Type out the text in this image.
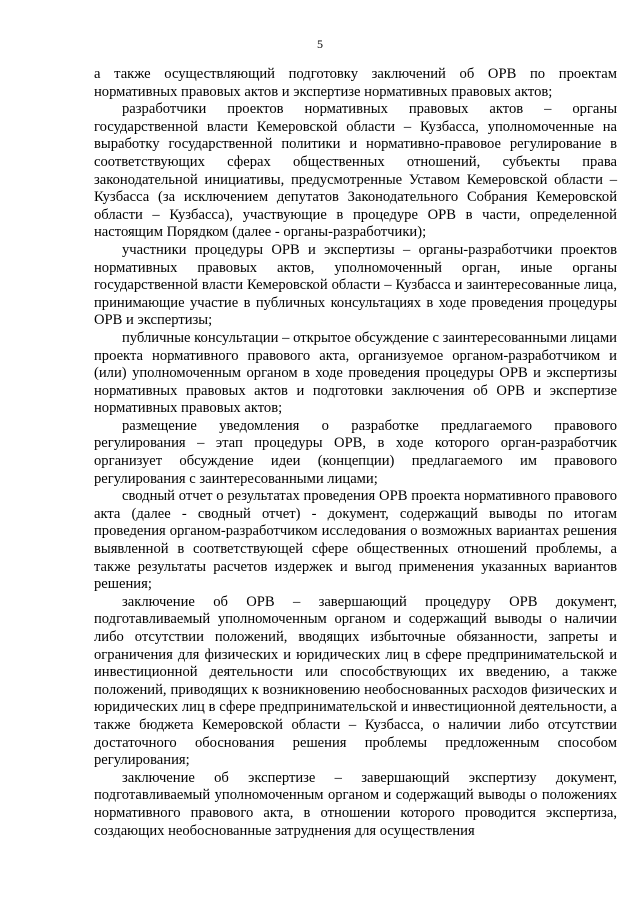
5

а также осуществляющий подготовку заключений об ОРВ по проектам нормативных правовых актов и экспертизе нормативных правовых актов;

разработчики проектов нормативных правовых актов – органы государственной власти Кемеровской области – Кузбасса, уполномоченные на выработку государственной политики и нормативно-правовое регулирование в соответствующих сферах общественных отношений, субъекты права законодательной инициативы, предусмотренные Уставом Кемеровской области – Кузбасса (за исключением депутатов Законодательного Собрания Кемеровской области – Кузбасса), участвующие в процедуре ОРВ в части, определенной настоящим Порядком (далее - органы-разработчики);

участники процедуры ОРВ и экспертизы – органы-разработчики проектов нормативных правовых актов, уполномоченный орган, иные органы государственной власти Кемеровской области – Кузбасса и заинтересованные лица, принимающие участие в публичных консультациях в ходе проведения процедуры ОРВ и экспертизы;

публичные консультации – открытое обсуждение с заинтересованными лицами проекта нормативного правового акта, организуемое органом-разработчиком и (или) уполномоченным органом в ходе проведения процедуры ОРВ и экспертизы нормативных правовых актов и подготовки заключения об ОРВ и экспертизе нормативных правовых актов;

размещение уведомления о разработке предлагаемого правового регулирования – этап процедуры ОРВ, в ходе которого орган-разработчик организует обсуждение идеи (концепции) предлагаемого им правового регулирования с заинтересованными лицами;

сводный отчет о результатах проведения ОРВ проекта нормативного правового акта (далее - сводный отчет) - документ, содержащий выводы по итогам проведения органом-разработчиком исследования о возможных вариантах решения выявленной в соответствующей сфере общественных отношений проблемы, а также результаты расчетов издержек и выгод применения указанных вариантов решения;

заключение об ОРВ – завершающий процедуру ОРВ документ, подготавливаемый уполномоченным органом и содержащий выводы о наличии либо отсутствии положений, вводящих избыточные обязанности, запреты и ограничения для физических и юридических лиц в сфере предпринимательской и инвестиционной деятельности или способствующих их введению, а также положений, приводящих к возникновению необоснованных расходов физических и юридических лиц в сфере предпринимательской и инвестиционной деятельности, а также бюджета Кемеровской области – Кузбасса, о наличии либо отсутствии достаточного обоснования решения проблемы предложенным способом регулирования;

заключение об экспертизе – завершающий экспертизу документ, подготавливаемый уполномоченным органом и содержащий выводы о положениях нормативного правового акта, в отношении которого проводится экспертиза, создающих необоснованные затруднения для осуществления
